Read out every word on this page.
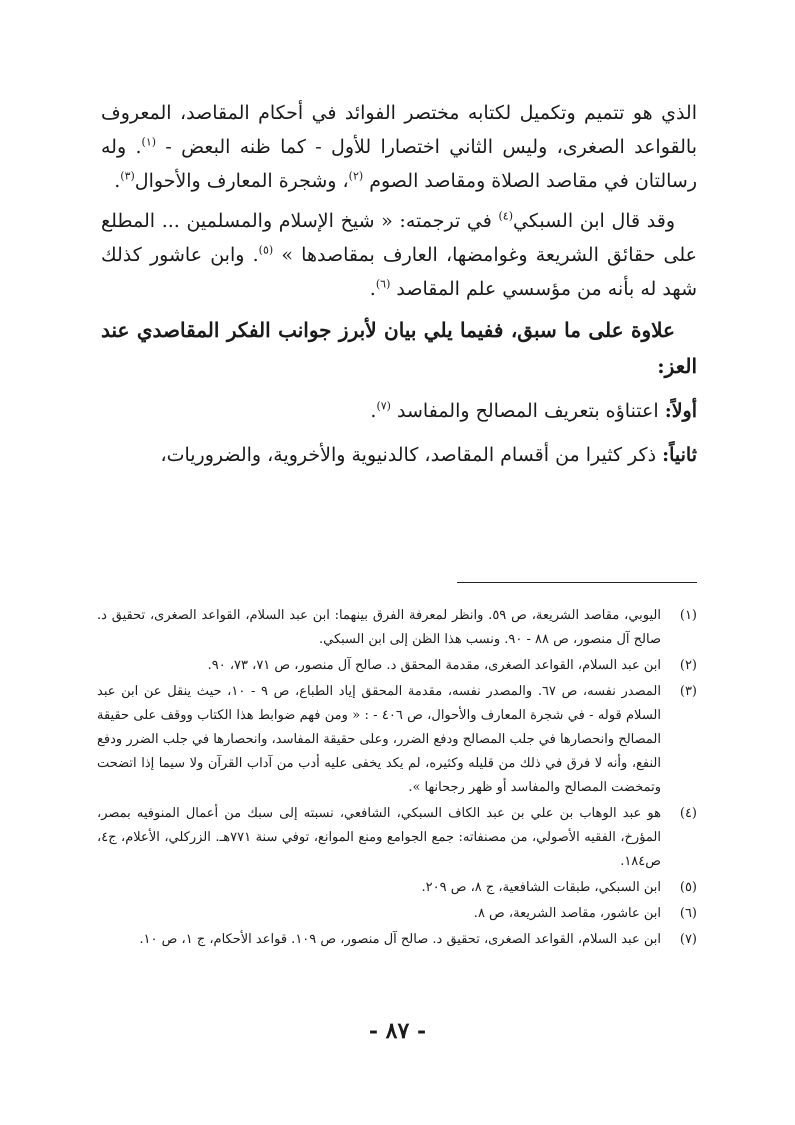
الذي هو تتميم وتكميل لكتابه مختصر الفوائد في أحكام المقاصد، المعروف بالقواعد الصغرى، وليس الثاني اختصارا للأول - كما ظنه البعض - $^{(١)}$. وله رسالتان في مقاصد الصلاة ومقاصد الصوم $^{(٢)}$، وشجرة المعارف والأحوال$^{(٣)}$.

وقد قال ابن السبكي$^{(٤)}$ في ترجمته: « شيخ الإسلام والمسلمين ... المطلع على حقائق الشريعة وغوامضها، العارف بمقاصدها » $^{(٥)}$. وابن عاشور كذلك شهد له بأنه من مؤسسي علم المقاصد $^{(٦)}$.

علاوة على ما سبق، ففيما يلي بيان لأبرز جوانب الفكر المقاصدي عند العز:

أولاً: اعتناؤه بتعريف المصالح والمفاسد $^{(٧)}$.

ثانياً: ذكر كثيرا من أقسام المقاصد، كالدنيوية والأخروية، والضروريات،

(١)
اليوبي، مقاصد الشريعة، ص ٥٩. وانظر لمعرفة الفرق بينهما: ابن عبد السلام، القواعد الصغرى، تحقيق د. صالح آل منصور، ص ٨٨ - ٩٠. ونسب هذا الظن إلى ابن السبكي.
(٢)
ابن عبد السلام، القواعد الصغرى، مقدمة المحقق د. صالح آل منصور، ص ٧١، ٧٣، ٩٠.
(٣)
المصدر نفسه، ص ٦٧. والمصدر نفسه، مقدمة المحقق إياد الطباع، ص ٩ - ١٠، حيث ينقل عن ابن عبد السلام قوله - في شجرة المعارف والأحوال، ص ٤٠٦ - : « ومن فهم ضوابط هذا الكتاب ووقف على حقيقة المصالح وانحصارها في جلب المصالح ودفع الضرر، وعلى حقيقة المفاسد، وانحصارها في جلب الضرر ودفع النفع، وأنه لا فرق في ذلك من قليله وكثيره، لم يكد يخفى عليه أدب من آداب القرآن ولا سيما إذا اتضحت وتمخضت المصالح والمفاسد أو ظهر رجحانها ».
(٤)
هو عبد الوهاب بن علي بن عبد الكاف السبكي، الشافعي، نسبته إلى سبك من أعمال المنوفيه بمصر، المؤرخ، الفقيه الأصولي، من مصنفاته: جمع الجوامع ومنع الموانع، توفي سنة ٧٧١هـ. الزركلي، الأعلام، ج٤، ص١٨٤.
(٥)
ابن السبكي، طبقات الشافعية، ج ٨، ص ٢٠٩.
(٦)
ابن عاشور، مقاصد الشريعة، ص ٨.
(٧)
ابن عبد السلام، القواعد الصغرى، تحقيق د. صالح آل منصور، ص ١٠٩. قواعد الأحكام، ج ١، ص ١٠.
- ٨٧ -
